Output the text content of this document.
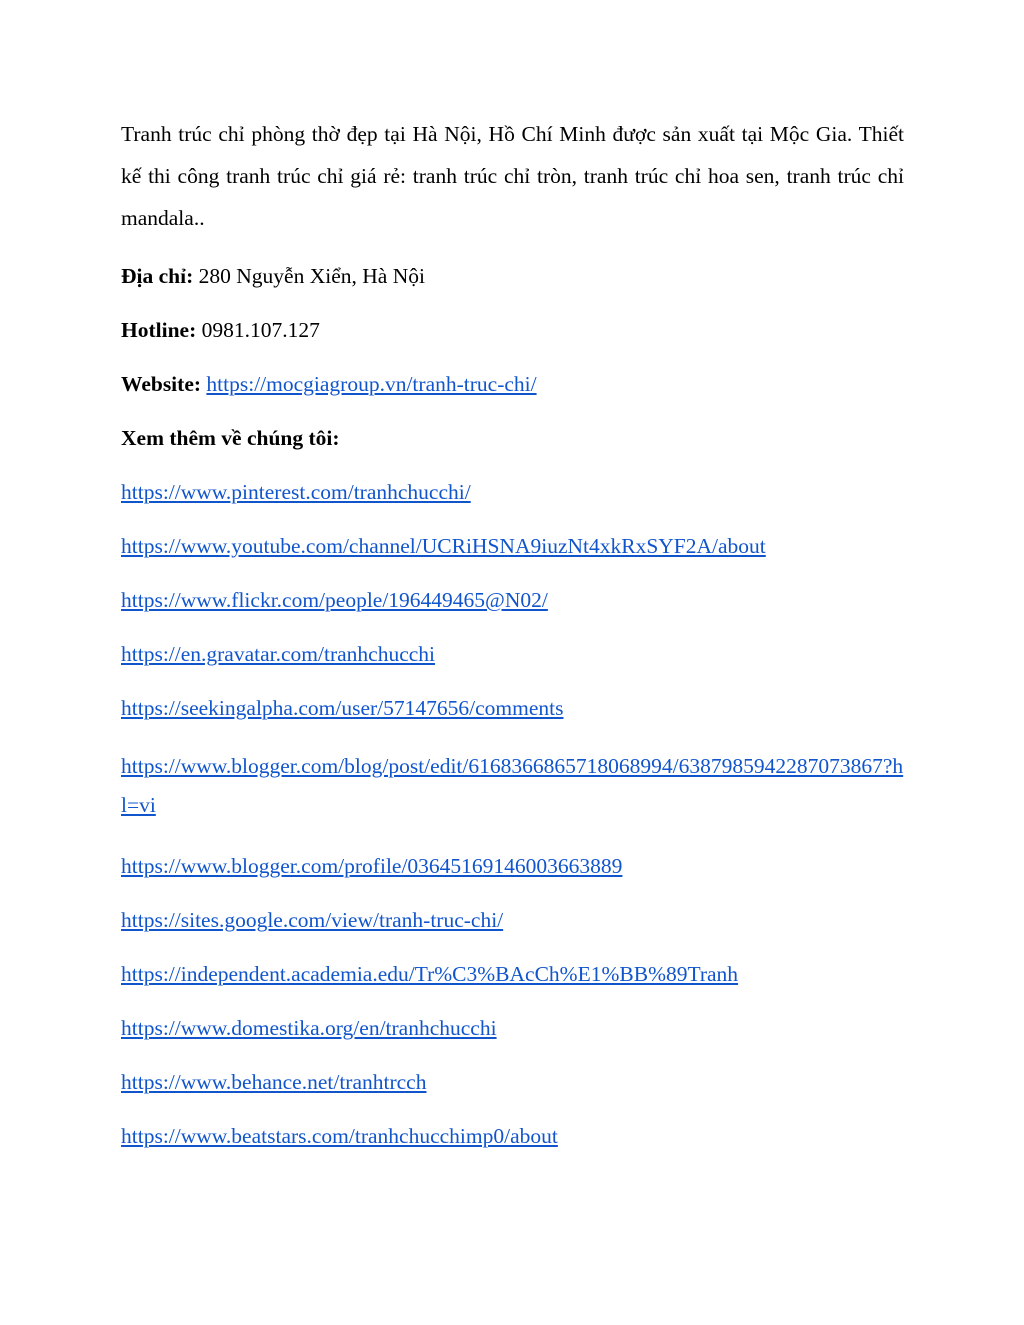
Tranh trúc chỉ phòng thờ đẹp tại Hà Nội, Hồ Chí Minh được sản xuất tại Mộc Gia. Thiết kế thi công tranh trúc chỉ giá rẻ: tranh trúc chỉ tròn, tranh trúc chỉ hoa sen, tranh trúc chỉ mandala..

Địa chỉ: 280 Nguyễn Xiển, Hà Nội

Hotline: 0981.107.127

Website: https://mocgiagroup.vn/tranh-truc-chi/

Xem thêm về chúng tôi:

https://www.pinterest.com/tranhchucchi/

https://www.youtube.com/channel/UCRiHSNA9iuzNt4xkRxSYF2A/about

https://www.flickr.com/people/196449465@N02/

https://en.gravatar.com/tranhchucchi

https://seekingalpha.com/user/57147656/comments

https://www.blogger.com/blog/post/edit/6168366865718068994/6387985942287073867?hl=vi

https://www.blogger.com/profile/03645169146003663889

https://sites.google.com/view/tranh-truc-chi/

https://independent.academia.edu/Tr%C3%BAcCh%E1%BB%89Tranh

https://www.domestika.org/en/tranhchucchi

https://www.behance.net/tranhtrcch

https://www.beatstars.com/tranhchucchimp0/about
